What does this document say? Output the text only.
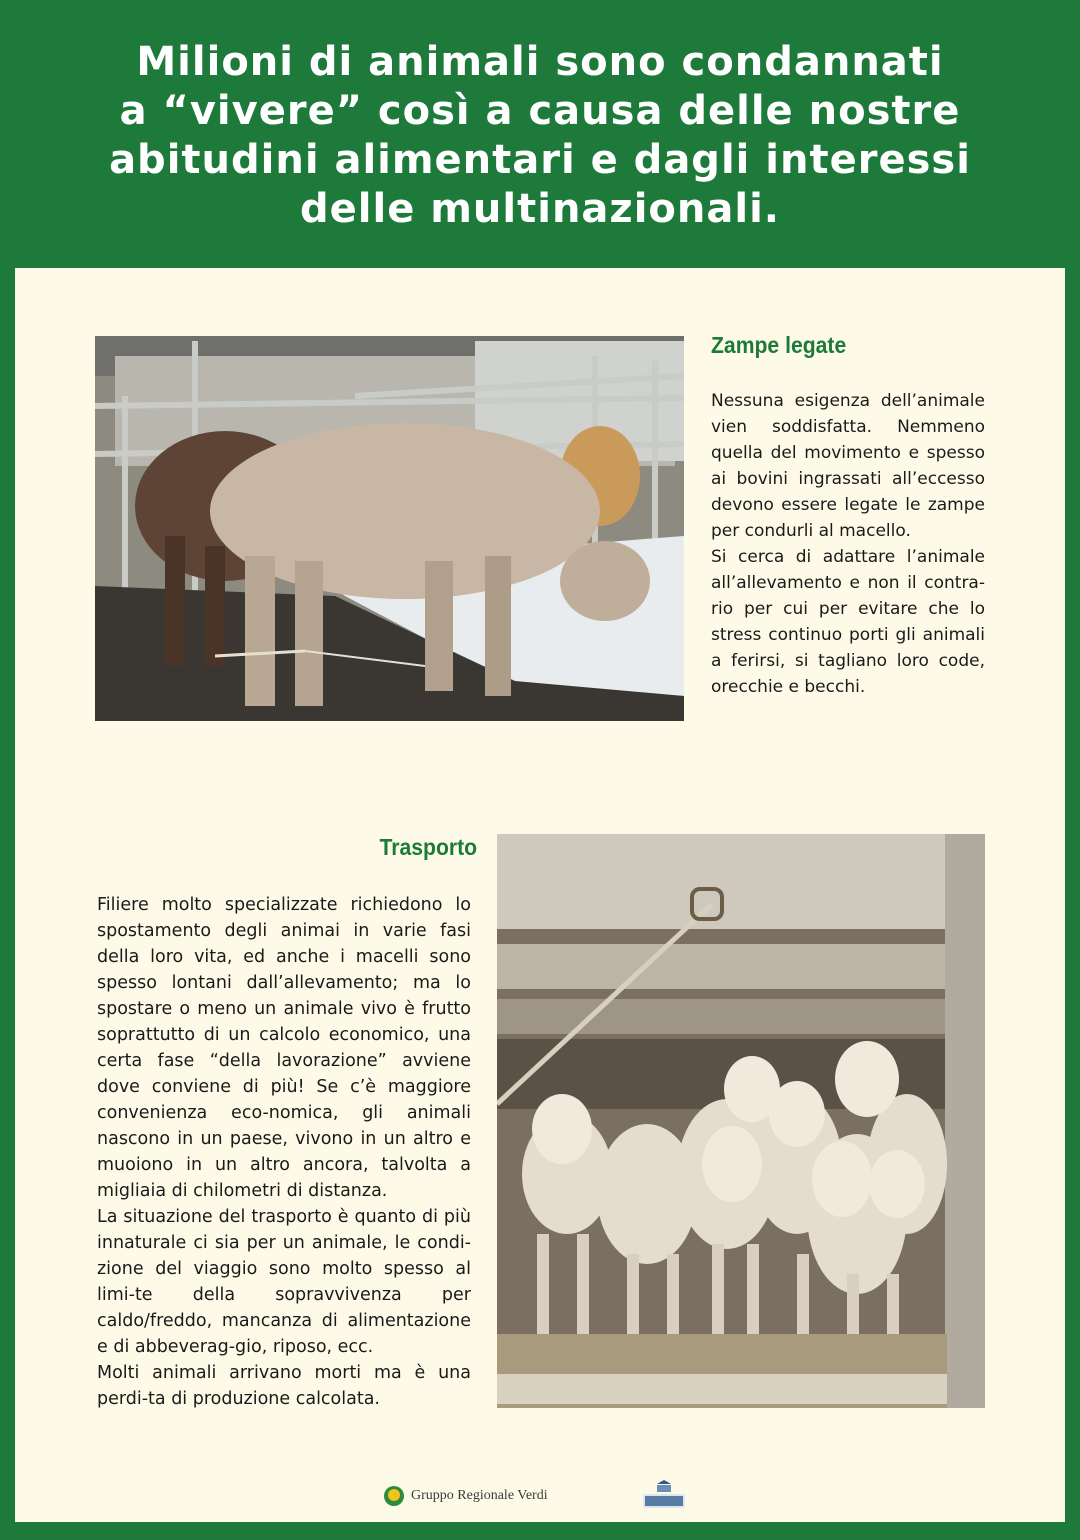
Milioni di animali sono condannati
a “vivere” così a causa delle nostre
abitudini alimentari e dagli interessi
delle multinazionali.
Zampe legate

Nessuna esigenza dell’animale vien soddisfatta. Nemmeno quella del movimento e spesso ai bovini ingrassati all’eccesso devono essere legate le zampe per condurli al macello.

Si cerca di adattare l’animale all’allevamento e non il contra-rio per cui per evitare che lo stress continuo porti gli animali a ferirsi, si tagliano loro code, orecchie e becchi.

Trasporto

Filiere molto specializzate richiedono lo spostamento degli animai in varie fasi della loro vita, ed anche i macelli sono spesso lontani dall’allevamento; ma lo spostare o meno un animale vivo è frutto soprattutto di un calcolo economico, una certa fase “della lavorazione” avviene dove conviene di più! Se c’è maggiore convenienza eco-nomica, gli animali nascono in un paese, vivono in un altro e muoiono in un altro ancora, talvolta a migliaia di chilometri di distanza.

La situazione del trasporto è quanto di più innaturale ci sia per un animale, le condi-zione del viaggio sono molto spesso al limi-te della sopravvivenza per caldo/freddo, mancanza di alimentazione e di abbeverag-gio, riposo, ecc.

Molti animali arrivano morti ma è una perdi-ta di produzione calcolata.

Gruppo Regionale Verdi
